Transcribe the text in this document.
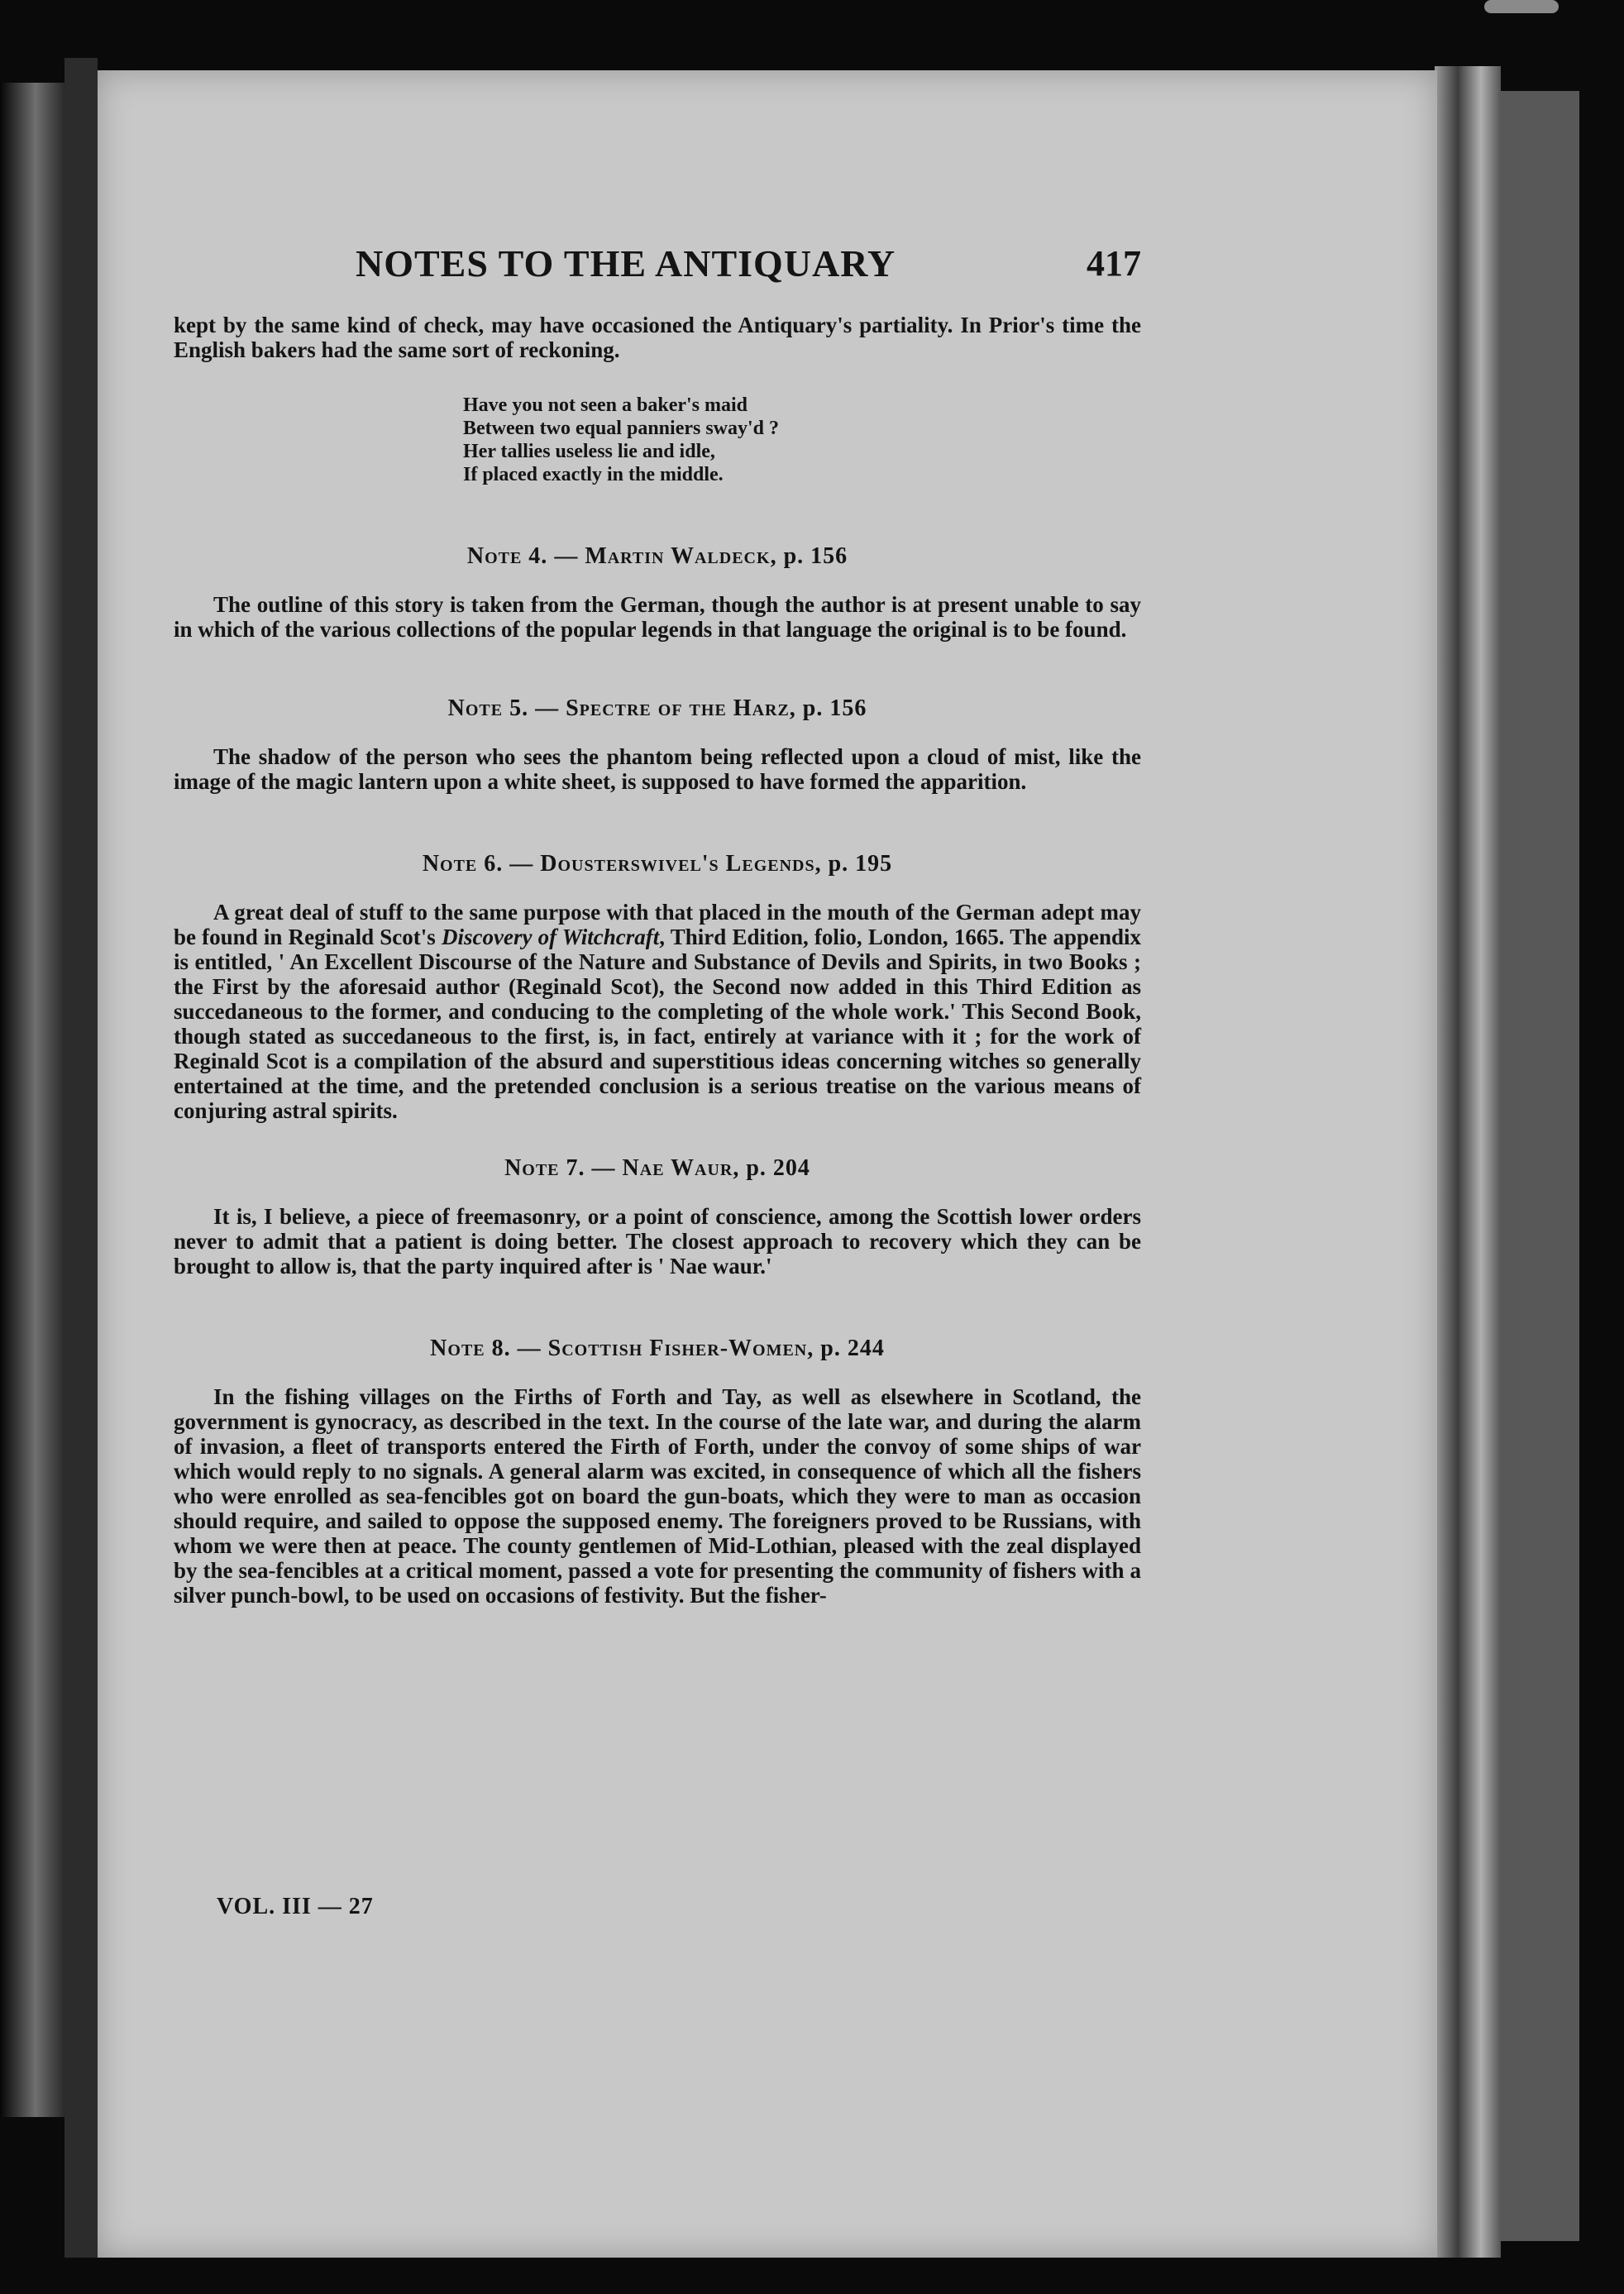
NOTES TO THE ANTIQUARY	417

kept by the same kind of check, may have occasioned the Antiquary's partiality. In Prior's time the English bakers had the same sort of reckoning.

Have you not seen a baker's maid
Between two equal panniers sway'd ?
Her tallies useless lie and idle,
If placed exactly in the middle.
Note 4. — Martin Waldeck, p. 156

The outline of this story is taken from the German, though the author is at present unable to say in which of the various collections of the popular legends in that language the original is to be found.

Note 5. — Spectre of the Harz, p. 156

The shadow of the person who sees the phantom being reflected upon a cloud of mist, like the image of the magic lantern upon a white sheet, is supposed to have formed the apparition.

Note 6. — Dousterswivel's Legends, p. 195

A great deal of stuff to the same purpose with that placed in the mouth of the German adept may be found in Reginald Scot's Discovery of Witchcraft, Third Edition, folio, London, 1665. The appendix is entitled, ' An Excellent Discourse of the Nature and Substance of Devils and Spirits, in two Books ; the First by the aforesaid author (Reginald Scot), the Second now added in this Third Edition as succedaneous to the former, and conducing to the completing of the whole work.' This Second Book, though stated as succedaneous to the first, is, in fact, entirely at variance with it ; for the work of Reginald Scot is a compilation of the absurd and superstitious ideas concerning witches so generally entertained at the time, and the pretended conclusion is a serious treatise on the various means of conjuring astral spirits.

Note 7. — Nae Waur, p. 204

It is, I believe, a piece of freemasonry, or a point of conscience, among the Scottish lower orders never to admit that a patient is doing better. The closest approach to recovery which they can be brought to allow is, that the party inquired after is ' Nae waur.'

Note 8. — Scottish Fisher-Women, p. 244

In the fishing villages on the Firths of Forth and Tay, as well as elsewhere in Scotland, the government is gynocracy, as described in the text. In the course of the late war, and during the alarm of invasion, a fleet of transports entered the Firth of Forth, under the convoy of some ships of war which would reply to no signals. A general alarm was excited, in consequence of which all the fishers who were enrolled as sea-fencibles got on board the gun-boats, which they were to man as occasion should require, and sailed to oppose the supposed enemy. The foreigners proved to be Russians, with whom we were then at peace. The county gentlemen of Mid-Lothian, pleased with the zeal displayed by the sea-fencibles at a critical moment, passed a vote for presenting the community of fishers with a silver punch-bowl, to be used on occasions of festivity. But the fisher-

VOL. III — 27
